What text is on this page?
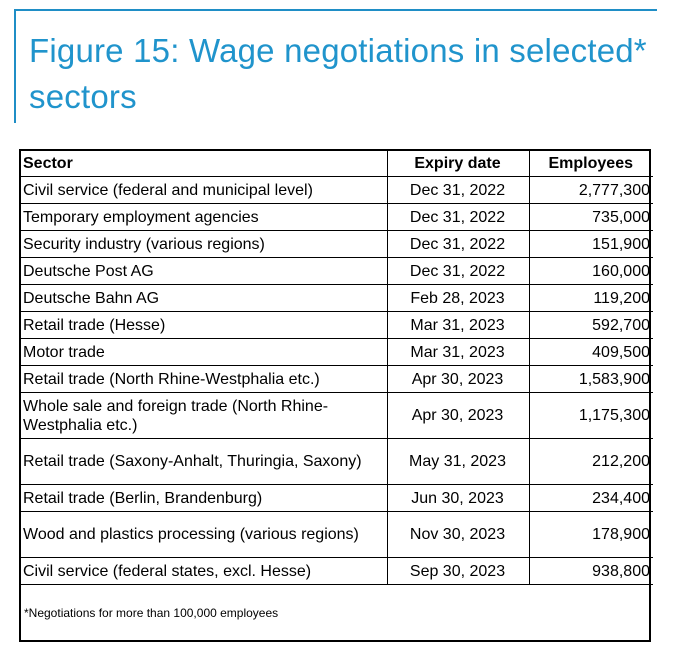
Figure 15: Wage negotiations in selected* sectors
Sector	Expiry date	Employees
Civil service (federal and municipal level)	Dec 31, 2022	2,777,300
Temporary employment agencies	Dec 31, 2022	735,000
Security industry (various regions)	Dec 31, 2022	151,900
Deutsche Post AG	Dec 31, 2022	160,000
Deutsche Bahn AG	Feb 28, 2023	119,200
Retail trade (Hesse)	Mar 31, 2023	592,700
Motor trade	Mar 31, 2023	409,500
Retail trade (North Rhine-Westphalia etc.)	Apr 30, 2023	1,583,900
Whole sale and foreign trade (North Rhine-Westphalia etc.)	Apr 30, 2023	1,175,300
Retail trade (Saxony-Anhalt, Thuringia, Saxony)	May 31, 2023	212,200
Retail trade (Berlin, Brandenburg)	Jun 30, 2023	234,400
Wood and plastics processing (various regions)	Nov 30, 2023	178,900
Civil service (federal states, excl. Hesse)	Sep 30, 2023	938,800
*Negotiations for more than 100,000 employees
